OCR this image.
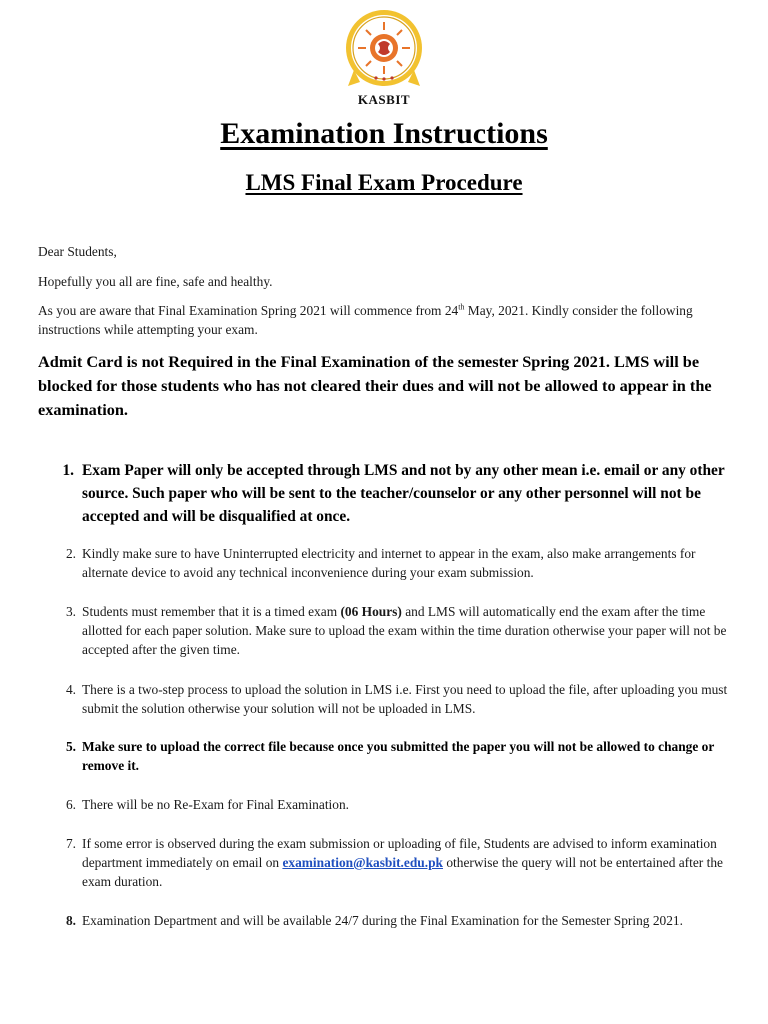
KASBIT
Examination Instructions
LMS Final Exam Procedure
Dear Students,
Hopefully you all are fine, safe and healthy.
As you are aware that Final Examination Spring 2021 will commence from 24th May, 2021. Kindly consider the following instructions while attempting your exam.
Admit Card is not Required in the Final Examination of the semester Spring 2021. LMS will be blocked for those students who has not cleared their dues and will not be allowed to appear in the examination.
1. Exam Paper will only be accepted through LMS and not by any other mean i.e. email or any other source. Such paper who will be sent to the teacher/counselor or any other personnel will not be accepted and will be disqualified at once.
2. Kindly make sure to have Uninterrupted electricity and internet to appear in the exam, also make arrangements for alternate device to avoid any technical inconvenience during your exam submission.
3. Students must remember that it is a timed exam (06 Hours) and LMS will automatically end the exam after the time allotted for each paper solution. Make sure to upload the exam within the time duration otherwise your paper will not be accepted after the given time.
4. There is a two-step process to upload the solution in LMS i.e. First you need to upload the file, after uploading you must submit the solution otherwise your solution will not be uploaded in LMS.
5. Make sure to upload the correct file because once you submitted the paper you will not be allowed to change or remove it.
6. There will be no Re-Exam for Final Examination.
7. If some error is observed during the exam submission or uploading of file, Students are advised to inform examination department immediately on email on examination@kasbit.edu.pk otherwise the query will not be entertained after the exam duration.
8. Examination Department and will be available 24/7 during the Final Examination for the Semester Spring 2021.
